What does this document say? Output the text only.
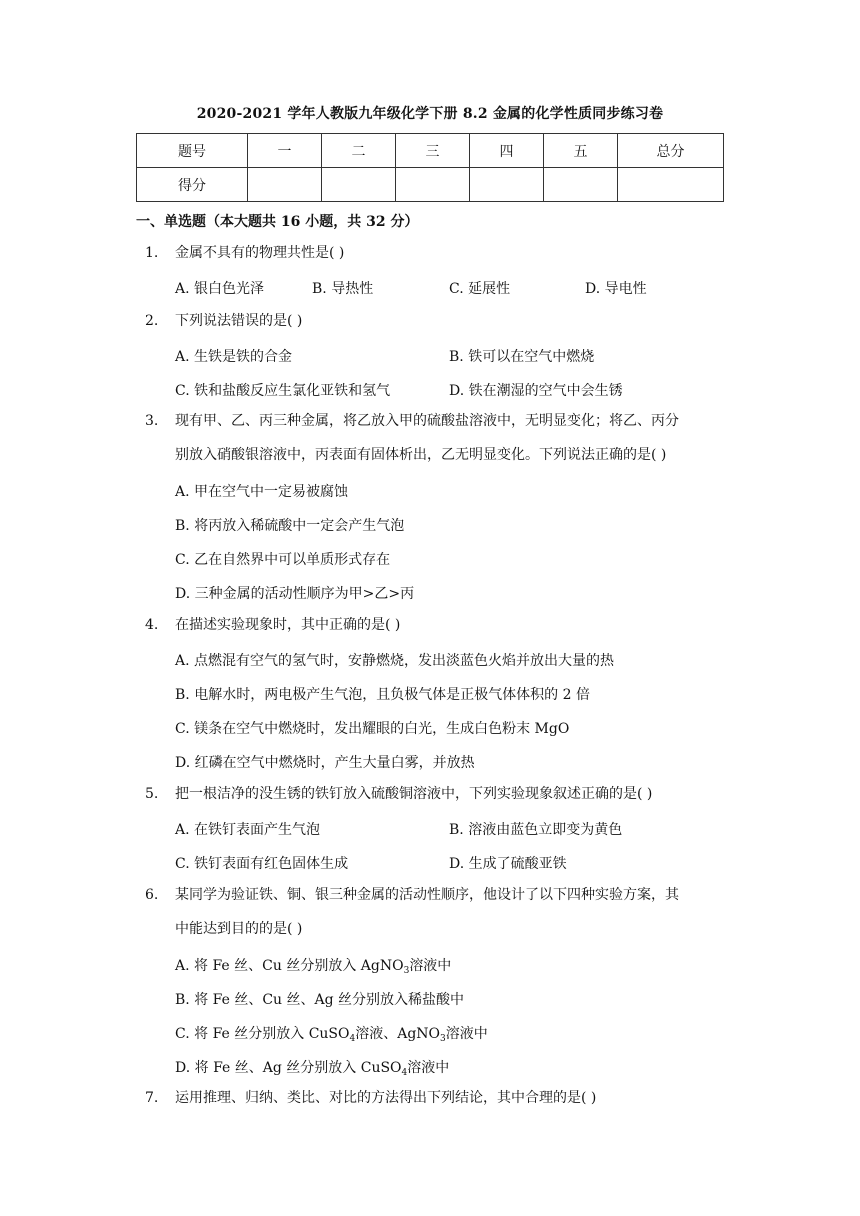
2020-2021 学年人教版九年级化学下册 8.2 金属的化学性质同步练习卷
题号	一	二	三	四	五	总分
得分						
一、单选题（本大题共 16 小题，共 32 分）
1. 金属不具有的物理共性是( )
A. 银白色光泽	B. 导热性	C. 延展性	D. 导电性
2. 下列说法错误的是( )
A. 生铁是铁的合金	B. 铁可以在空气中燃烧
C. 铁和盐酸反应生氯化亚铁和氢气	D. 铁在潮湿的空气中会生锈
3. 现有甲、乙、丙三种金属，将乙放入甲的硫酸盐溶液中，无明显变化；将乙、丙分
别放入硝酸银溶液中，丙表面有固体析出，乙无明显变化。下列说法正确的是( )
A. 甲在空气中一定易被腐蚀
B. 将丙放入稀硫酸中一定会产生气泡
C. 乙在自然界中可以单质形式存在
D. 三种金属的活动性顺序为甲>乙>丙
4. 在描述实验现象时，其中正确的是( )
A. 点燃混有空气的氢气时，安静燃烧，发出淡蓝色火焰并放出大量的热
B. 电解水时，两电极产生气泡，且负极气体是正极气体体积的 2 倍
C. 镁条在空气中燃烧时，发出耀眼的白光，生成白色粉末 MgO
D. 红磷在空气中燃烧时，产生大量白雾，并放热
5. 把一根洁净的没生锈的铁钉放入硫酸铜溶液中，下列实验现象叙述正确的是( )
A. 在铁钉表面产生气泡	B. 溶液由蓝色立即变为黄色
C. 铁钉表面有红色固体生成	D. 生成了硫酸亚铁
6. 某同学为验证铁、铜、银三种金属的活动性顺序，他设计了以下四种实验方案，其
中能达到目的的是( )
A. 将 Fe 丝、Cu 丝分别放入 AgNO$_3$溶液中
B. 将 Fe 丝、Cu 丝、Ag 丝分别放入稀盐酸中
C. 将 Fe 丝分别放入 CuSO$_4$溶液、AgNO$_3$溶液中
D. 将 Fe 丝、Ag 丝分别放入 CuSO$_4$溶液中
7. 运用推理、归纳、类比、对比的方法得出下列结论，其中合理的是( )
